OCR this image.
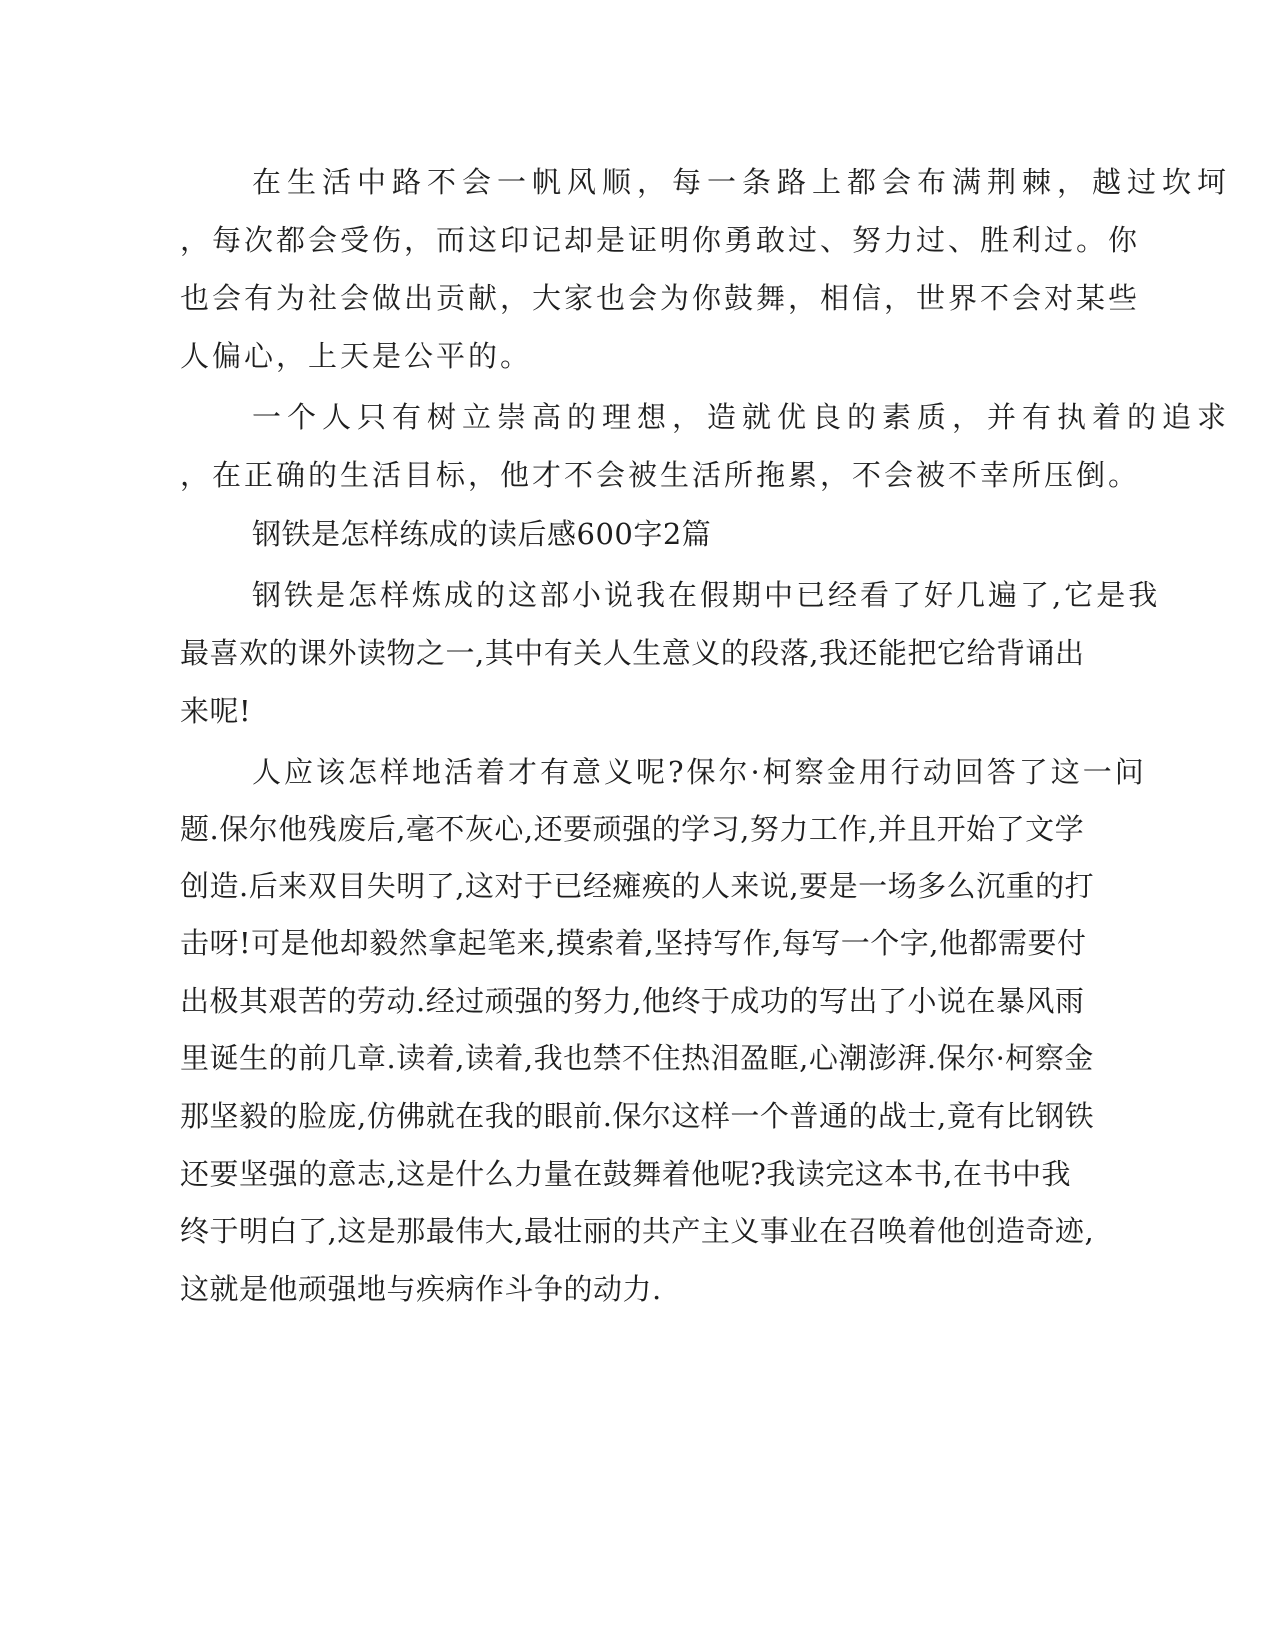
在生活中路不会一帆风顺，每一条路上都会布满荆棘，越过坎坷
，每次都会受伤，而这印记却是证明你勇敢过、努力过、胜利过。你
也会有为社会做出贡献，大家也会为你鼓舞，相信，世界不会对某些
人偏心，上天是公平的。
一个人只有树立崇高的理想，造就优良的素质，并有执着的追求
，在正确的生活目标，他才不会被生活所拖累，不会被不幸所压倒。
钢铁是怎样练成的读后感600字2篇
钢铁是怎样炼成的这部小说我在假期中已经看了好几遍了,它是我
最喜欢的课外读物之一,其中有关人生意义的段落,我还能把它给背诵出
来呢!
人应该怎样地活着才有意义呢?保尔·柯察金用行动回答了这一问
题.保尔他残废后,毫不灰心,还要顽强的学习,努力工作,并且开始了文学
创造.后来双目失明了,这对于已经瘫痪的人来说,要是一场多么沉重的打
击呀!可是他却毅然拿起笔来,摸索着,坚持写作,每写一个字,他都需要付
出极其艰苦的劳动.经过顽强的努力,他终于成功的写出了小说在暴风雨
里诞生的前几章.读着,读着,我也禁不住热泪盈眶,心潮澎湃.保尔·柯察金
那坚毅的脸庞,仿佛就在我的眼前.保尔这样一个普通的战士,竟有比钢铁
还要坚强的意志,这是什么力量在鼓舞着他呢?我读完这本书,在书中我
终于明白了,这是那最伟大,最壮丽的共产主义事业在召唤着他创造奇迹,
这就是他顽强地与疾病作斗争的动力.
